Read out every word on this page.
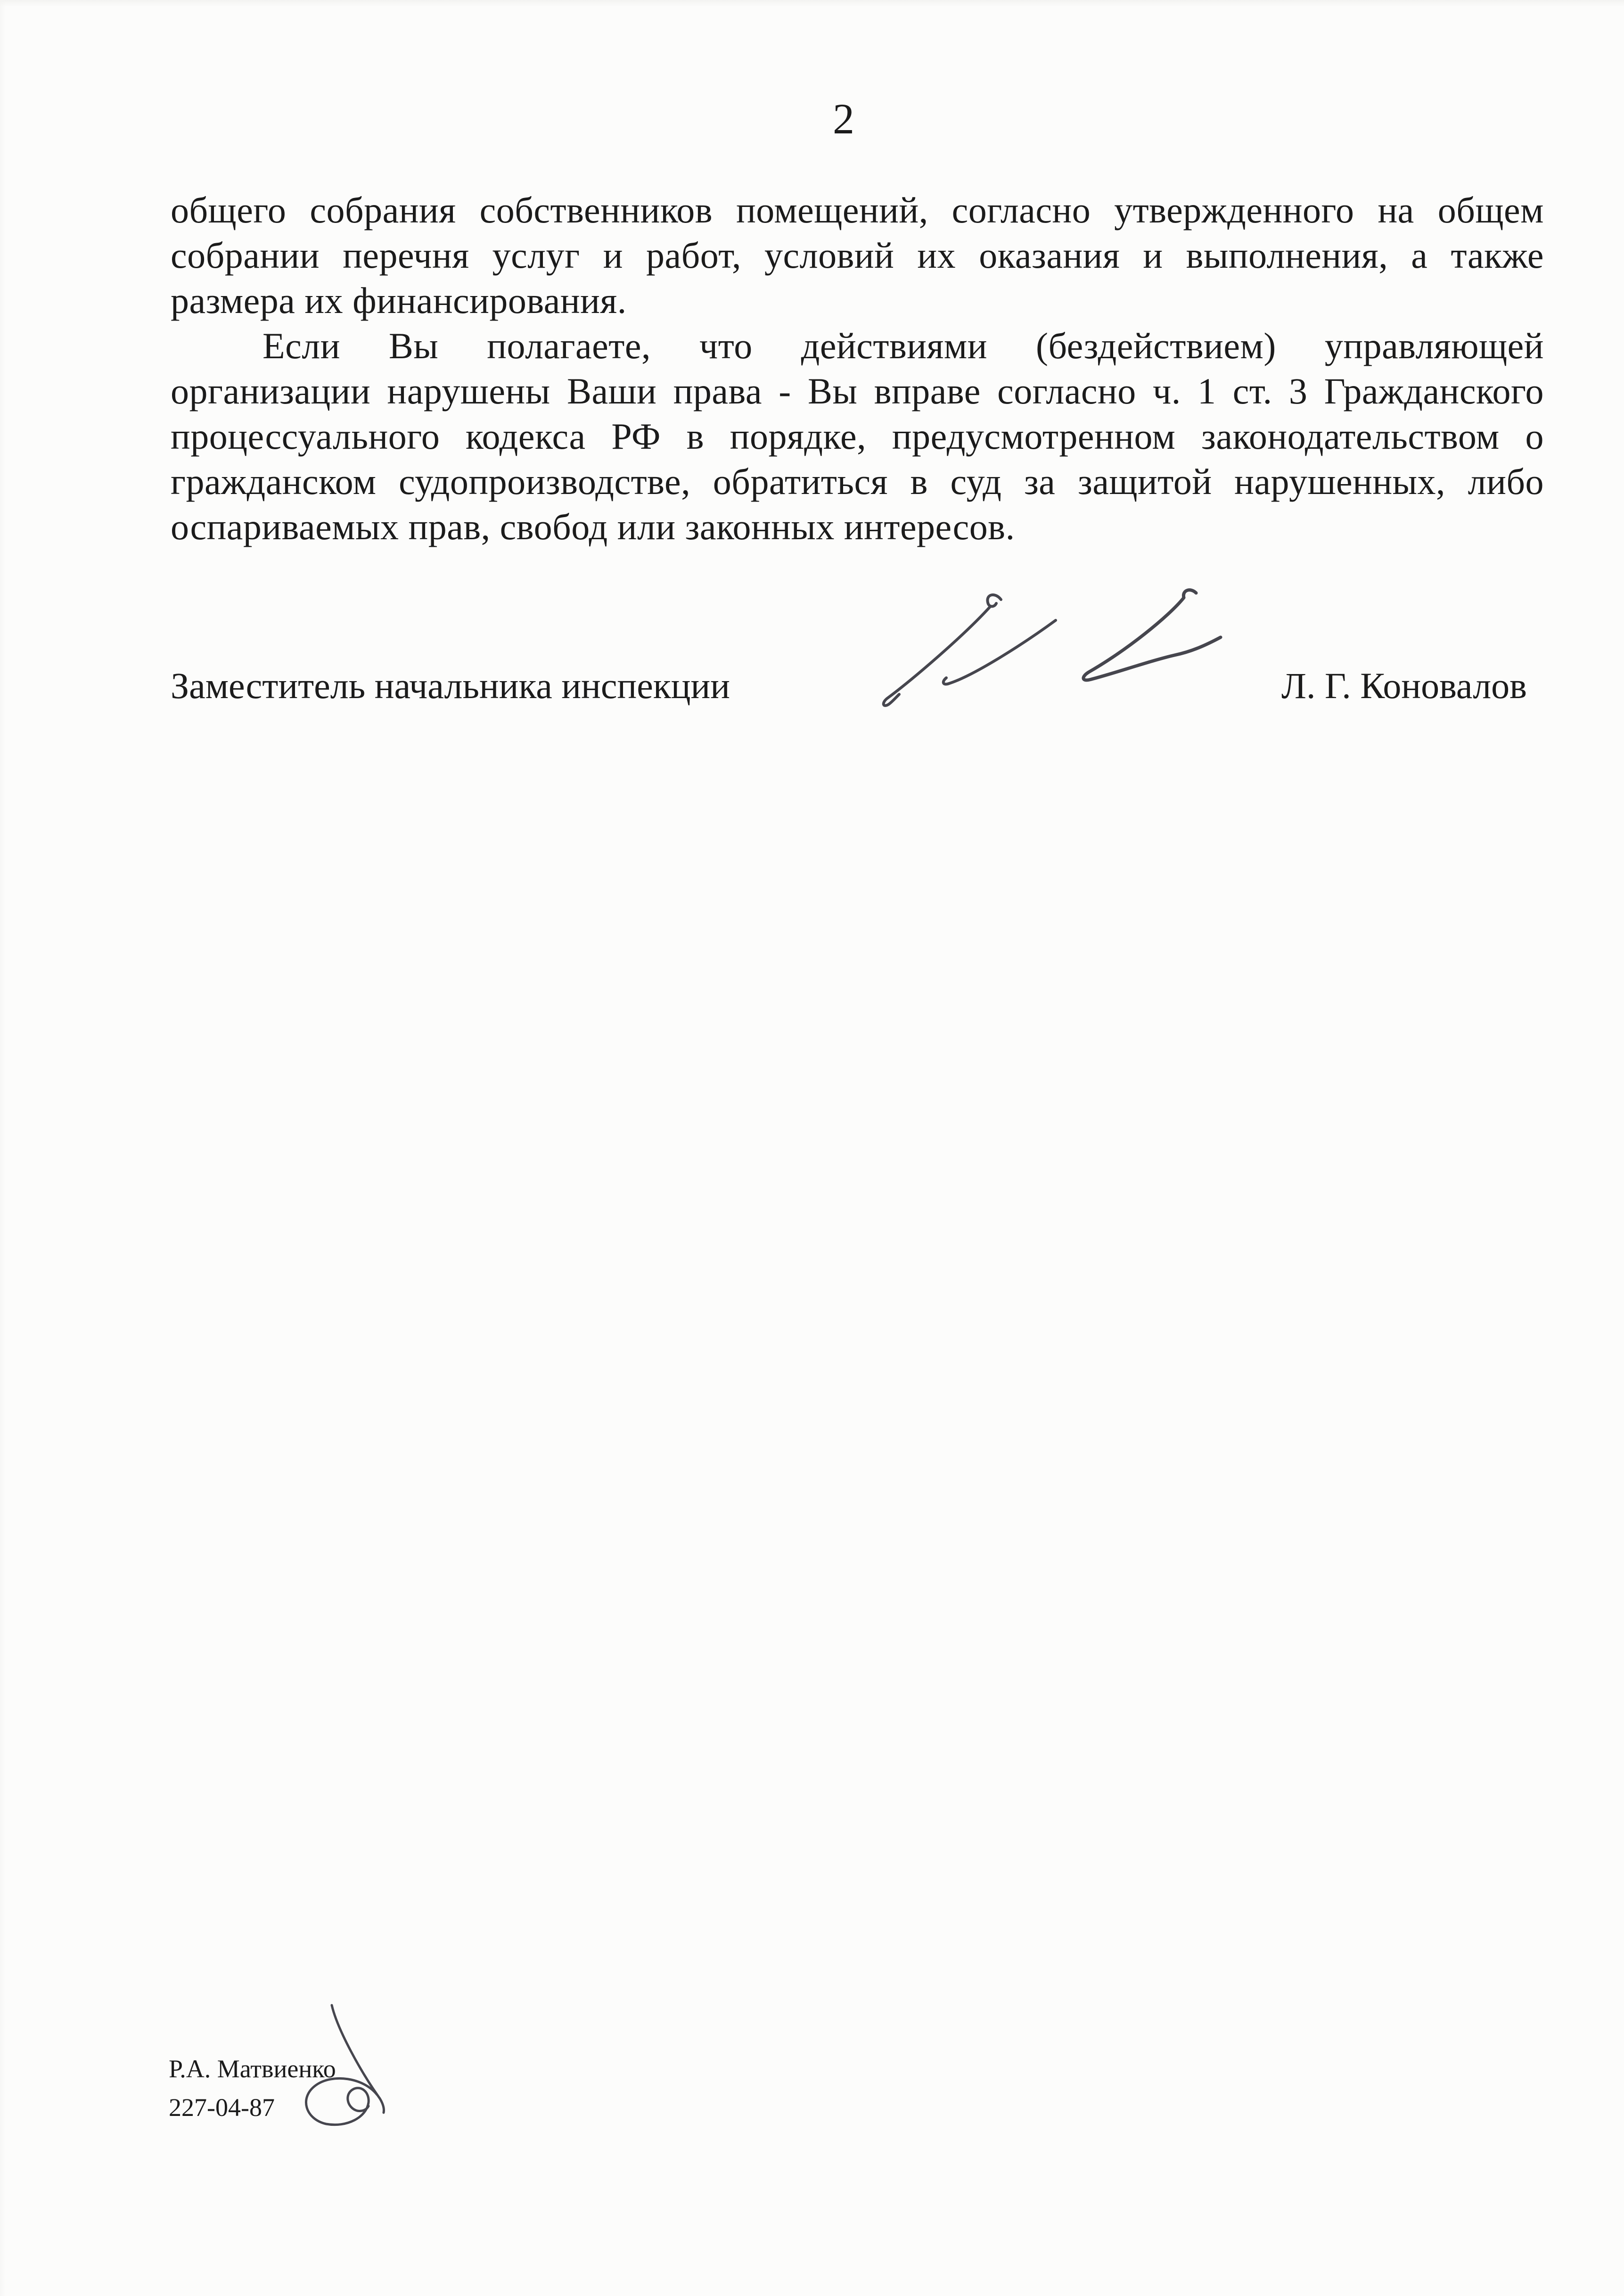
2
общего собрания собственников помещений, согласно утвержденного на общем
собрании перечня услуг и работ, условий их оказания и выполнения, а также
размера их финансирования.
Если Вы полагаете, что действиями (бездействием) управляющей
организации нарушены Ваши права - Вы вправе согласно ч. 1 ст. 3 Гражданского
процессуального кодекса РФ в порядке, предусмотренном законодательством о
гражданском судопроизводстве, обратиться в суд за защитой нарушенных, либо
оспариваемых прав, свобод или законных интересов.
Заместитель начальника инспекции	Л. Г. Коновалов
Р.А. Матвиенко
227-04-87
